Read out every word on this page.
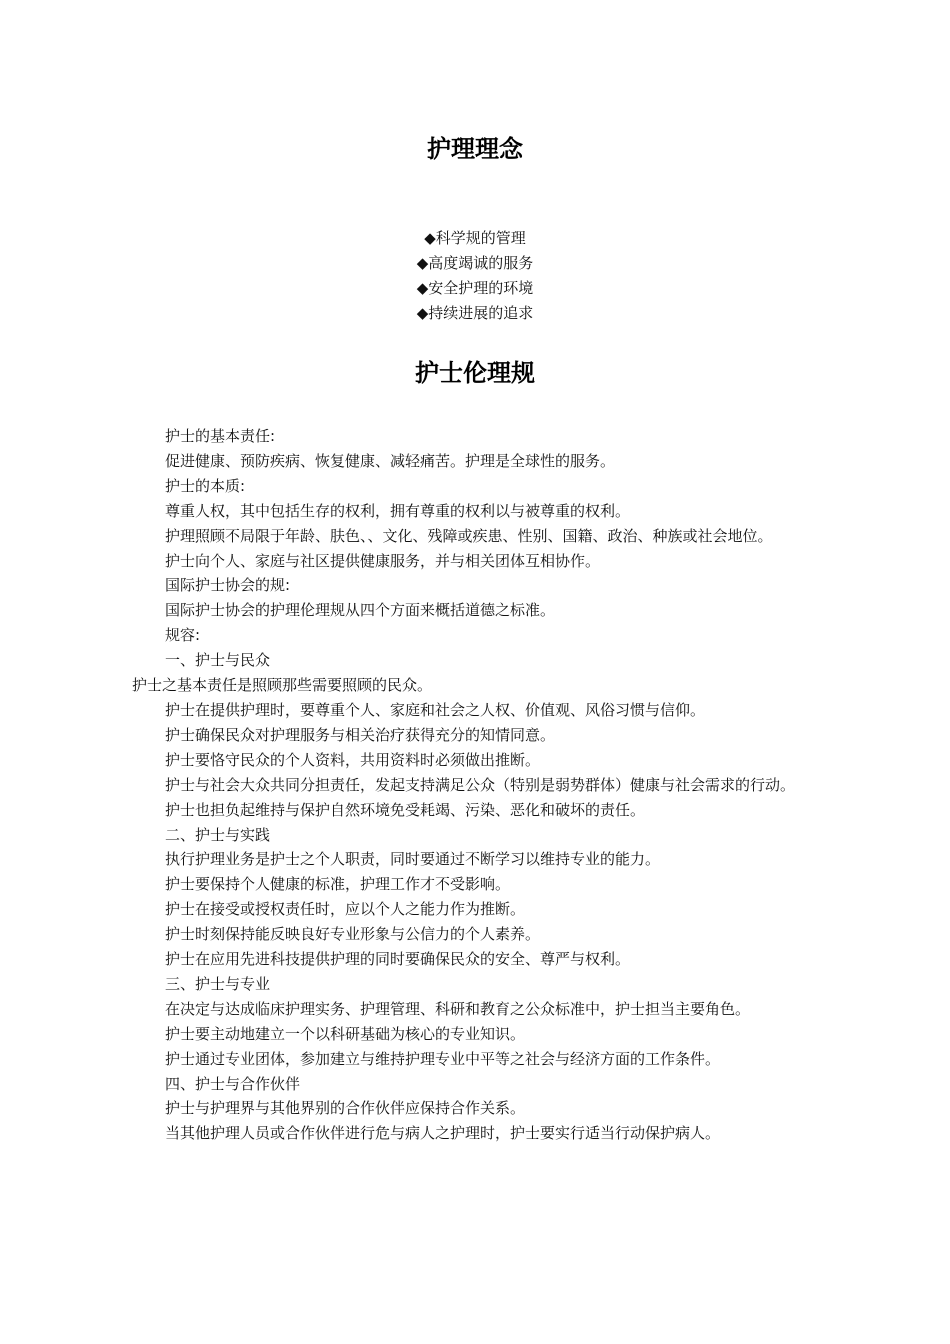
护理理念
◆科学规的管理
◆高度竭诚的服务
◆安全护理的环境
◆持续进展的追求
护士伦理规

护士的基本责任:

促进健康、预防疾病、恢复健康、减轻痛苦。护理是全球性的服务。

护士的本质:

尊重人权，其中包括生存的权利，拥有尊重的权利以与被尊重的权利。

护理照顾不局限于年龄、肤色、、文化、残障或疾患、性别、国籍、政治、种族或社会地位。

护士向个人、家庭与社区提供健康服务，并与相关团体互相协作。

国际护士协会的规:

国际护士协会的护理伦理规从四个方面来概括道德之标准。

规容:

一、护士与民众

护士之基本责任是照顾那些需要照顾的民众。

护士在提供护理时，要尊重个人、家庭和社会之人权、价值观、风俗习惯与信仰。

护士确保民众对护理服务与相关治疗获得充分的知情同意。

护士要恪守民众的个人资料，共用资料时必须做出推断。

护士与社会大众共同分担责任，发起支持满足公众（特别是弱势群体）健康与社会需求的行动。

护士也担负起维持与保护自然环境免受耗竭、污染、恶化和破坏的责任。

二、护士与实践

执行护理业务是护士之个人职责，同时要通过不断学习以维持专业的能力。

护士要保持个人健康的标准，护理工作才不受影响。

护士在接受或授权责任时，应以个人之能力作为推断。

护士时刻保持能反映良好专业形象与公信力的个人素养。

护士在应用先进科技提供护理的同时要确保民众的安全、尊严与权利。

三、护士与专业

在决定与达成临床护理实务、护理管理、科研和教育之公众标准中，护士担当主要角色。

护士要主动地建立一个以科研基础为核心的专业知识。

护士通过专业团体，参加建立与维持护理专业中平等之社会与经济方面的工作条件。

四、护士与合作伙伴

护士与护理界与其他界别的合作伙伴应保持合作关系。

当其他护理人员或合作伙伴进行危与病人之护理时，护士要实行适当行动保护病人。
